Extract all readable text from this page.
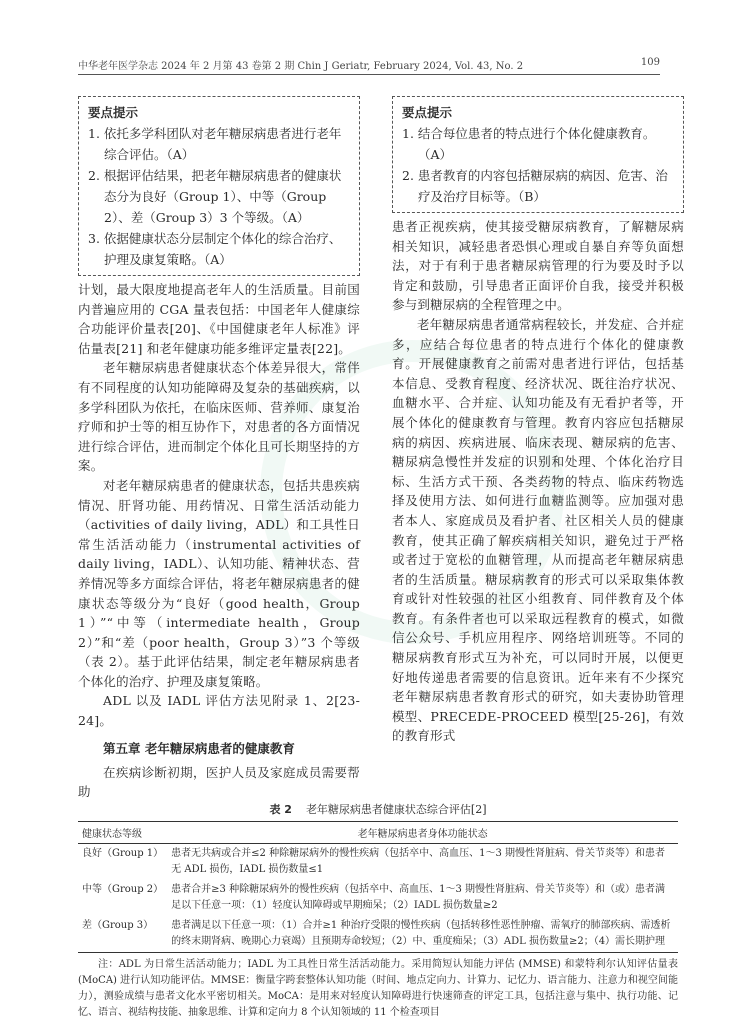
中华老年医学杂志 2024 年 2 月第 43 卷第 2 期 Chin J Geriatr, February 2024, Vol. 43, No. 2	109
要点提示
1. 依托多学科团队对老年糖尿病患者进行老年综合评估。（A）
2. 根据评估结果，把老年糖尿病患者的健康状态分为良好（Group 1）、中等（Group 2）、差（Group 3）3 个等级。（A）
3. 依据健康状态分层制定个体化的综合治疗、护理及康复策略。（A）

计划，最大限度地提高老年人的生活质量。目前国内普遍应用的 CGA 量表包括：中国老年人健康综合功能评价量表[20]、《中国健康老年人标准》评估量表[21] 和老年健康功能多维评定量表[22]。

老年糖尿病患者健康状态个体差异很大，常伴有不同程度的认知功能障碍及复杂的基础疾病，以多学科团队为依托，在临床医师、营养师、康复治疗师和护士等的相互协作下，对患者的各方面情况进行综合评估，进而制定个体化且可长期坚持的方案。

对老年糖尿病患者的健康状态，包括共患疾病情况、肝肾功能、用药情况、日常生活活动能力（activities of daily living，ADL）和工具性日常生活活动能力（instrumental activities of daily living，IADL）、认知功能、精神状态、营养情况等多方面综合评估，将老年糖尿病患者的健康状态等级分为“良好（good health，Group 1）”“中等（intermediate health，Group 2）”和“差（poor health，Group 3）”3 个等级（表 2）。基于此评估结果，制定老年糖尿病患者个体化的治疗、护理及康复策略。

ADL 以及 IADL 评估方法见附录 1、2[23-24]。

第五章 老年糖尿病患者的健康教育

在疾病诊断初期，医护人员及家庭成员需要帮助

要点提示
1. 结合每位患者的特点进行个体化健康教育。（A）
2. 患者教育的内容包括糖尿病的病因、危害、治疗及治疗目标等。（B）

患者正视疾病，使其接受糖尿病教育，了解糖尿病相关知识，减轻患者恐惧心理或自暴自弃等负面想法，对于有利于患者糖尿病管理的行为要及时予以肯定和鼓励，引导患者正面评价自我，接受并积极参与到糖尿病的全程管理之中。

老年糖尿病患者通常病程较长，并发症、合并症多，应结合每位患者的特点进行个体化的健康教育。开展健康教育之前需对患者进行评估，包括基本信息、受教育程度、经济状况、既往治疗状况、血糖水平、合并症、认知功能及有无看护者等，开展个体化的健康教育与管理。教育内容应包括糖尿病的病因、疾病进展、临床表现、糖尿病的危害、糖尿病急慢性并发症的识别和处理、个体化治疗目标、生活方式干预、各类药物的特点、临床药物选择及使用方法、如何进行血糖监测等。应加强对患者本人、家庭成员及看护者、社区相关人员的健康教育，使其正确了解疾病相关知识，避免过于严格或者过于宽松的血糖管理，从而提高老年糖尿病患者的生活质量。糖尿病教育的形式可以采取集体教育或针对性较强的社区小组教育、同伴教育及个体教育。有条件者也可以采取远程教育的模式，如微信公众号、手机应用程序、网络培训班等。不同的糖尿病教育形式互为补充，可以同时开展，以便更好地传递患者需要的信息资讯。近年来有不少探究老年糖尿病患者教育形式的研究，如夫妻协助管理模型、PRECEDE-PROCEED 模型[25-26]，有效的教育形式

表 2 老年糖尿病患者健康状态综合评估[2]
健康状态等级	老年糖尿病患者身体功能状态
良好（Group 1）	患者无共病或合并≤2 种除糖尿病外的慢性疾病（包括卒中、高血压、1～3 期慢性肾脏病、骨关节炎等）和患者无 ADL 损伤，IADL 损伤数量≤1
中等（Group 2）	患者合并≥3 种除糖尿病外的慢性疾病（包括卒中、高血压、1～3 期慢性肾脏病、骨关节炎等）和（或）患者满足以下任意一项：（1）轻度认知障碍或早期痴呆；（2）IADL 损伤数量≥2
差（Group 3）	患者满足以下任意一项：（1）合并≥1 种治疗受限的慢性疾病（包括转移性恶性肿瘤、需氧疗的肺部疾病、需透析的终末期肾病、晚期心力衰竭）且预期寿命较短；（2）中、重度痴呆；（3）ADL 损伤数量≥2；（4）需长期护理
注：ADL 为日常生活活动能力；IADL 为工具性日常生活活动能力。采用简短认知能力评估 (MMSE) 和蒙特利尔认知评估量表 (MoCA) 进行认知功能评估。MMSE：衡量字跨套整体认知功能（时间、地点定向力、计算力、记忆力、语言能力、注意力和视空间能力），测验成绩与患者文化水平密切相关。MoCA：是用来对轻度认知障碍进行快速筛查的评定工具，包括注意与集中、执行功能、记忆、语言、视结构技能、抽象思维、计算和定向力 8 个认知领域的 11 个检查项目
